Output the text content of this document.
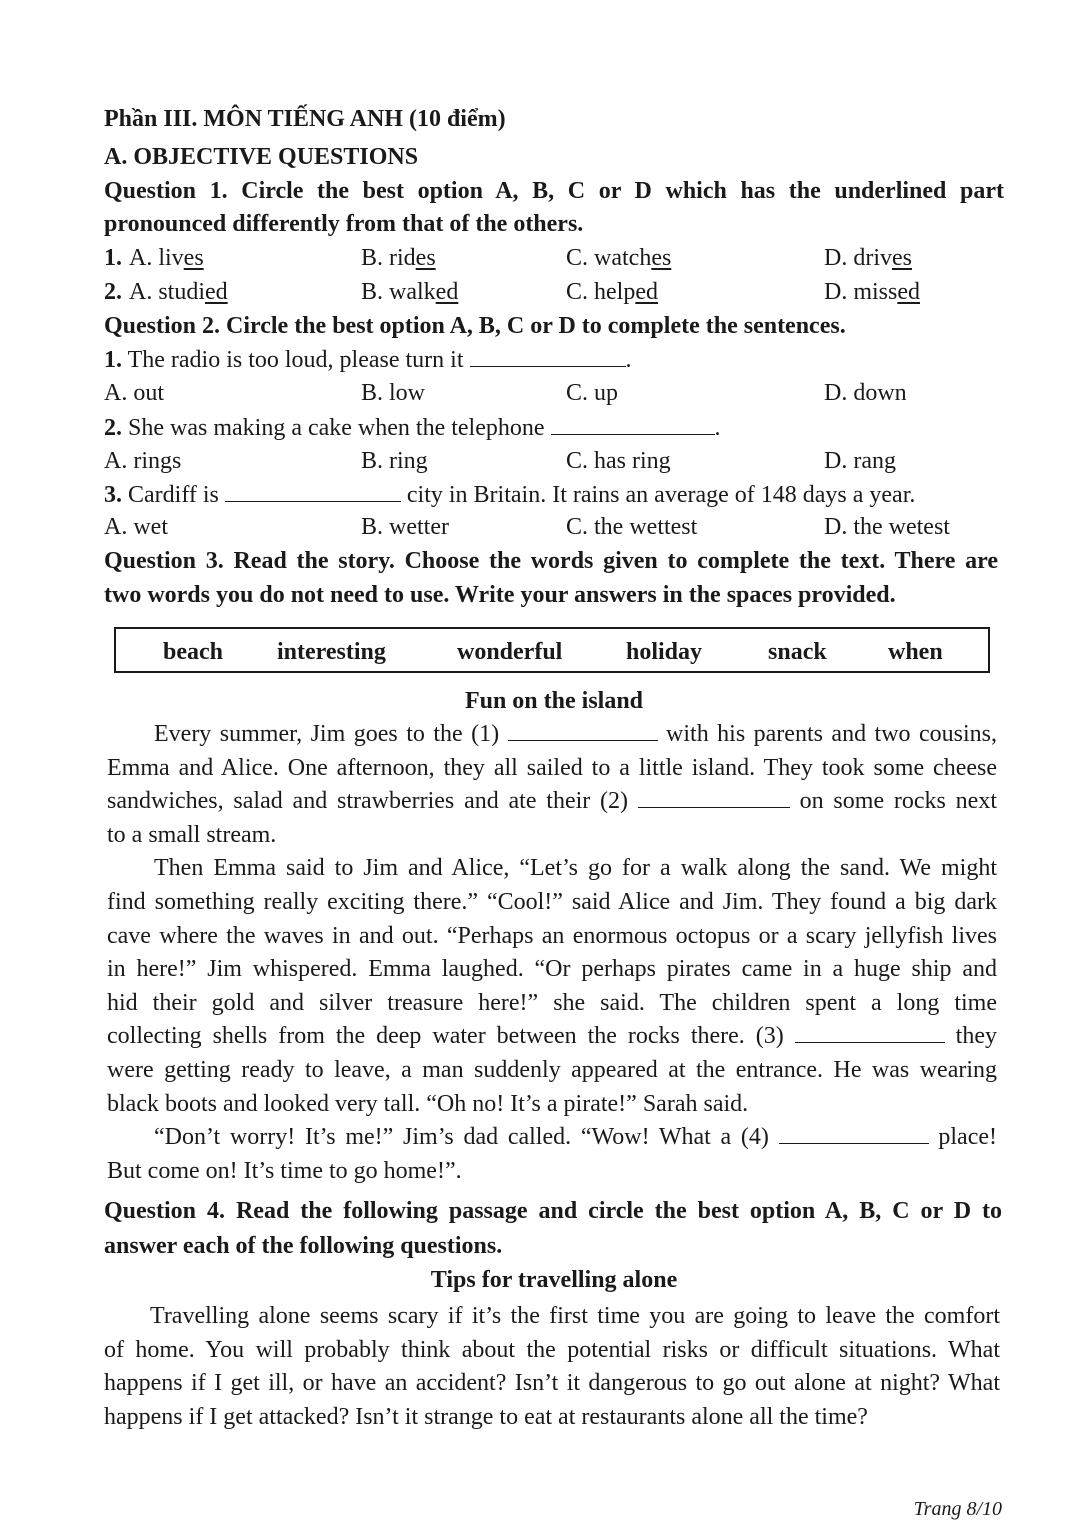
Phần III. MÔN TIẾNG ANH (10 điểm)
A. OBJECTIVE QUESTIONS
Question 1. Circle the best option A, B, C or D which has the underlined part
pronounced differently from that of the others.
1. A. lives	B. rides	C. watches	D. drives
2. A. studied	B. walked	C. helped	D. missed
Question 2. Circle the best option A, B, C or D to complete the sentences.
1. The radio is too loud, please turn it	.
A. out	B. low	C. up	D. down
2. She was making a cake when the telephone	.
A. rings	B. ring	C. has ring	D. rang
3. Cardiff is	city in Britain. It rains an average of 148 days a year.
A. wet	B. wetter	C. the wettest	D. the wetest
Question 3. Read the story. Choose the words given to complete the text. There are
two words you do not need to use. Write your answers in the spaces provided.
beach interesting	wonderful	holiday	snack	when
Fun on the island
Every summer, Jim goes to the (1)	with his parents and two cousins,
Emma and Alice. One afternoon, they all sailed to a little island. They took some cheese
sandwiches, salad and strawberries and ate their (2)	on some rocks next
to a small stream.
Then Emma said to Jim and Alice, “Let’s go for a walk along the sand. We might
find something really exciting there.” “Cool!” said Alice and Jim. They found a big dark
cave where the waves in and out. “Perhaps an enormous octopus or a scary jellyfish lives
in here!” Jim whispered. Emma laughed. “Or perhaps pirates came in a huge ship and
hid their gold and silver treasure here!” she said. The children spent a long time
collecting shells from the deep water between the rocks there. (3)	they
were getting ready to leave, a man suddenly appeared at the entrance. He was wearing
black boots and looked very tall. “Oh no! It’s a pirate!” Sarah said.
“Don’t worry! It’s me!” Jim’s dad called. “Wow! What a (4)	place!
But come on! It’s time to go home!”.
Question 4. Read the following passage and circle the best option A, B, C or D to
answer each of the following questions.
Tips for travelling alone
Travelling alone seems scary if it’s the first time you are going to leave the comfort
of home. You will probably think about the potential risks or difficult situations. What
happens if I get ill, or have an accident? Isn’t it dangerous to go out alone at night? What
happens if I get attacked? Isn’t it strange to eat at restaurants alone all the time?
Trang 8/10
